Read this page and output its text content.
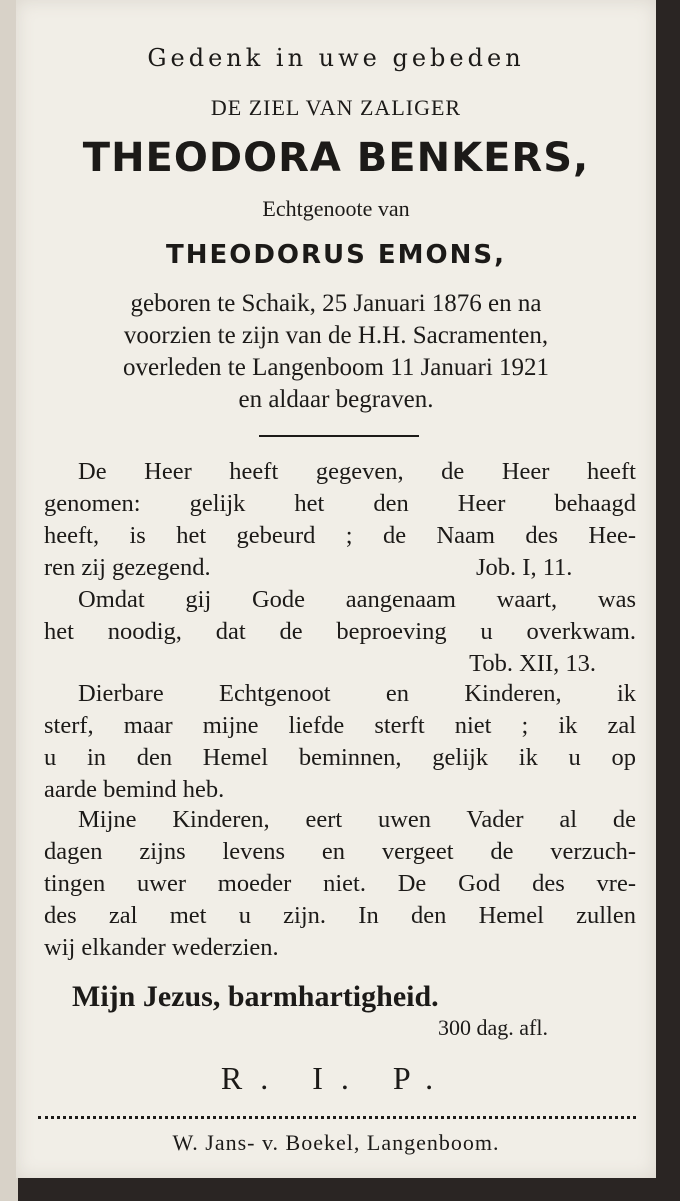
Gedenk in uwe gebeden
DE ZIEL VAN ZALIGER
THEODORA BENKERS,
Echtgenoote van
THEODORUS EMONS,
geboren te Schaik, 25 Januari 1876 en na
voorzien te zijn van de H.H. Sacramenten,
overleden te Langenboom 11 Januari 1921
en aldaar begraven.
De Heer heeft gegeven, de Heer heeft
genomen: gelijk het den Heer behaagd
heeft, is het gebeurd ; de Naam des Hee-
ren zij gezegend.	Job. I, 11.
Omdat gij Gode aangenaam waart, was
het noodig, dat de beproeving u overkwam.
Tob. XII, 13.
Dierbare Echtgenoot en Kinderen, ik
sterf, maar mijne liefde sterft niet ; ik zal
u in den Hemel beminnen, gelijk ik u op
aarde bemind heb.
Mijne Kinderen, eert uwen Vader al de
dagen zijns levens en vergeet de verzuch-
tingen uwer moeder niet. De God des vre-
des zal met u zijn. In den Hemel zullen
wij elkander wederzien.
Mijn Jezus, barmhartigheid.
300 dag. afl.
R. I. P.
W. Jans- v. Boekel, Langenboom.
